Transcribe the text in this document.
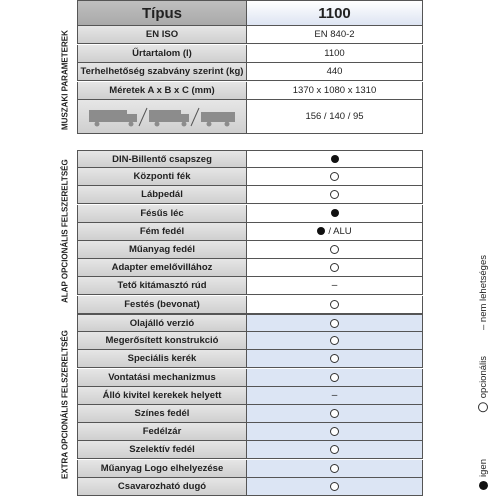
Típus	1100
EN ISO	EN 840-2
Űrtartalom (l)	1100
Terhelhetőség szabvány szerint (kg)	440
Méretek A x B x C (mm)	1370 x 1080 x 1310
156 / 140 / 95
MUSZAKI PARAMETEREK
DIN-Billentő csapszeg
Központi fék
Lábpedál
Fésűs léc
Fém fedél	/ ALU
Műanyag fedél
Adapter emelővillához
Tető kitámasztó rúd	–
Festés (bevonat)
ALAP OPCIONÁLIS FELSZERELTSÉG
Olajálló verzió
Megerősített konstrukció
Speciális kerék
Vontatási mechanizmus
Álló kivitel kerekek helyett	–
Színes fedél
Fedélzár
Szelektív fedél
Műanyag Logo elhelyezése
Csavarozható dugó
EXTRA OPCIONÁLIS FELSZERELTSÉG	igen
opcionális
– nem lehetséges
